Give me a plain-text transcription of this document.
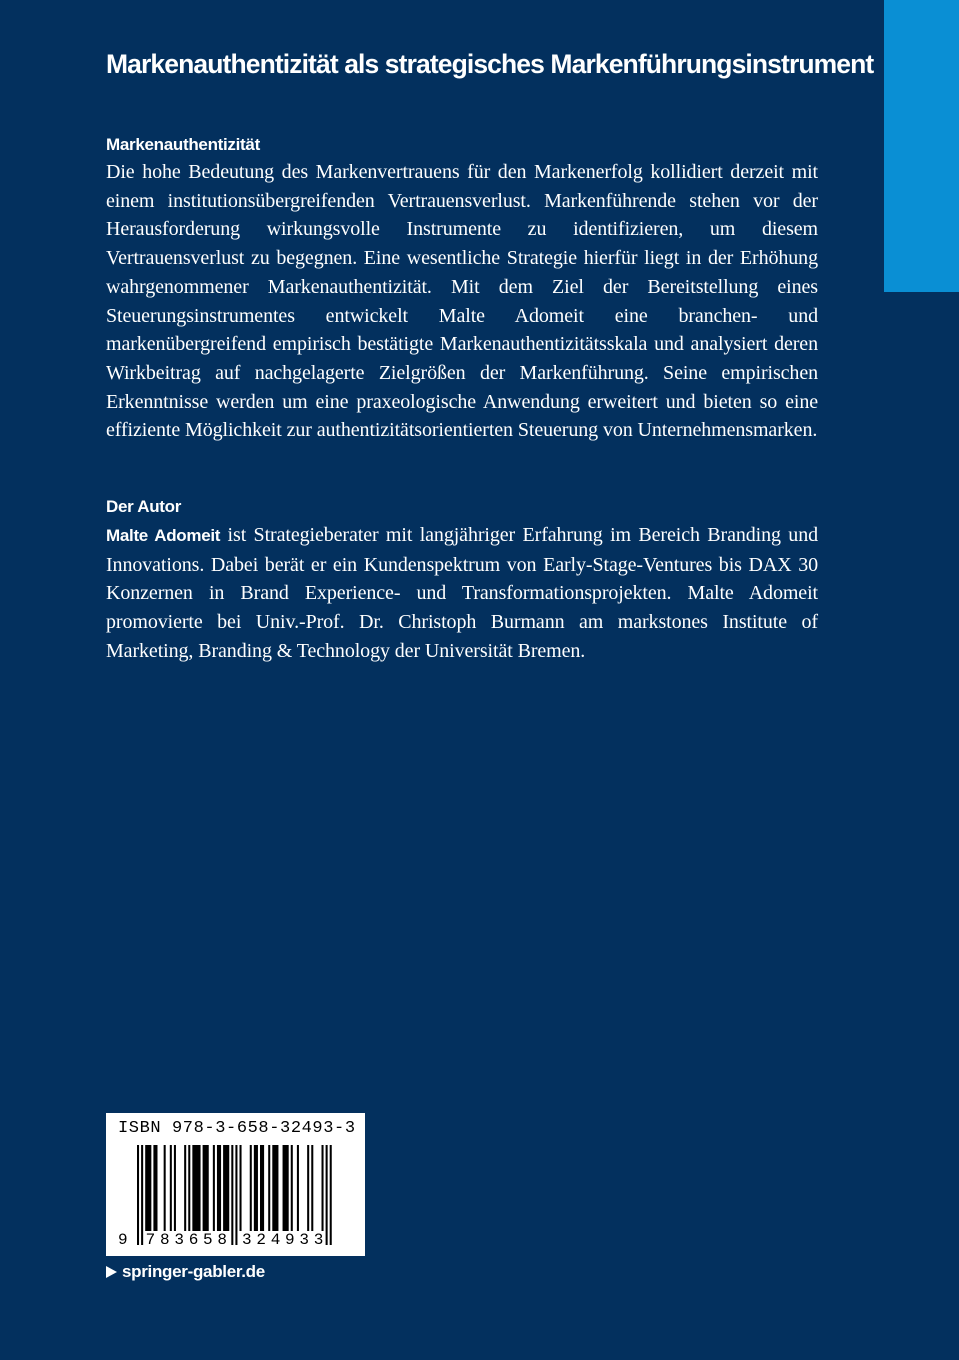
Markenauthentizität als strategisches Markenführungsinstrument
Markenauthentizität

Die hohe Bedeutung des Markenvertrauens für den Markenerfolg kollidiert derzeit mit einem institutionsübergreifenden Vertrauensverlust. Markenführende stehen vor der Herausforderung wirkungsvolle Instrumente zu identifizieren, um diesem Vertrauensverlust zu begegnen. Eine wesentliche Strategie hierfür liegt in der Erhöhung wahrgenommener Markenauthentizität. Mit dem Ziel der Bereitstellung eines Steuerungsinstrumentes entwickelt Malte Adomeit eine branchen- und markenübergreifend empirisch bestätigte Markenauthentizitätsskala und analysiert deren Wirkbeitrag auf nachgelagerte Zielgrößen der Markenführung. Seine empirischen Erkenntnisse werden um eine praxeologische Anwendung erweitert und bieten so eine effiziente Möglichkeit zur authentizitätsorientierten Steuerung von Unternehmensmarken.

Der Autor

Malte Adomeit ist Strategieberater mit langjähriger Erfahrung im Bereich Branding und Innovations. Dabei berät er ein Kundenspektrum von Early-Stage-Ventures bis DAX 30 Konzernen in Brand Experience- und Transformationsprojekten. Malte Adomeit promovierte bei Univ.-Prof. Dr. Christoph Burmann am markstones Institute of Marketing, Branding & Technology der Universität Bremen.

ISBN 978-3-658-32493-3
9 7 8 3 6 5 8 3 2 4 9 3 3
springer-gabler.de
